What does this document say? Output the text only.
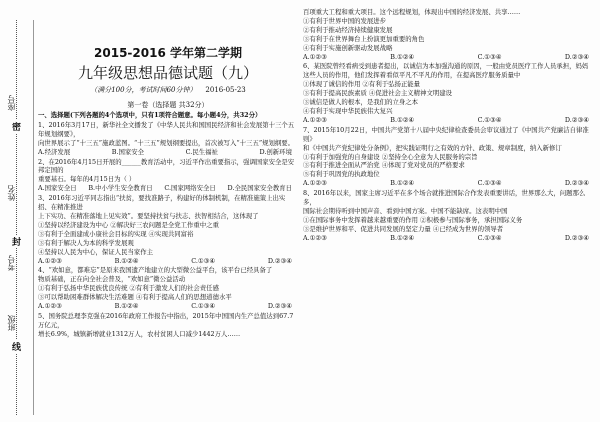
密
封
线
班级
考号
姓名
座号
2015-2016 学年第二学期
九年级思想品德试题（九）
（满分100分，考试时间60分钟） 2016-05-23
第一卷（选择题 共32分）
一、选择题(下列各题的4个选项中，只有1项符合题意。每小题4分，共32分）
1、2016年3月17日，新华社全文播发了《中华人民共和国国民经济和社会发展第十三个五年规划纲要》，
向世界展示了“十三五”施政蓝图。“十三五”规划纲要提出，首次被写入“十三五”规划纲要。
A.经济发展	B.国家安全	C.民生福祉	D.创新环境
2、在2016年4月15日开展的______教育活动中，习近平作出重要指示，强调国家安全是安邦定国的
重要基石。每年的4月15日为（ ）
A.国家安全日 B.中小学生安全教育日 C.国家网络安全日 D.全民国家安全教育日
3、2016年习近平同志指出“扶贫，要找准路子，构建好的体制机制，在精准施策上出实招、在精准推进
上下实功、在精准落地上见实效”。要坚持扶贫与扶志、扶智相结合，这体现了
①坚持以经济建设为中心 ②解决好三农问题是全党工作重中之重
③有利于全面建成小康社会目标的实现 ④实现共同富裕
③有利于解决人为本的科学发展观
④坚持以人民为中心，保证人民当家作主
A.①②③	B.①②④	C.①③④	D.②③④
4、“欢如意，都难忘”是原来我国遗产地建立的大型微公益平台，该平台已经具备了
物质基础，正在向全社会普及，“欢如意”微公益活动
①有利于弘扬中华民族优良传统 ②有利于激发人们的社会责任感
③可以帮助困难群体解决生活难题 ④有利于提高人们的思想道德水平
A.①②③	B.①②④	C.①③④	D.②③④
5、国务院总理李克强在2016年政府工作报告中指出，2015年中国国内生产总值达到67.7万亿元，
增长6.9%，城镇新增就业1312万人，农村贫困人口减少1442万人……
百项重大工程和重大项目。这个远程规划，体现出中国的经济发展、共享……
①有利于世界中国的发展进步
②有利于推动经济持续健康发展
③有利于在世界舞台上扮演更加重要的角色
④有利于实施创新驱动发展战略
A.①②③	B.①②④	C.①③④	D.②③④
6、某医院曾经看病受到患者提出，以诚信为本加强沟通的原因，一般由党员医疗工作人员承担，妈妈
这些人员的作用，他们发挥着看似平凡不平凡的作用，在提高医疗服务质量中
①体现了诚信的作用 ②有利于弘扬正能量
③有利于提高民族素质 ④促进社会主义精神文明建设
③诚信是做人的根本，是我们的立身之本
④有利于实现中华民族伟大复兴
A.①②③	B.①②④	C.①③④	D.②③④
7、2015年10月22日，中国共产党第十八届中央纪律检查委员会审议通过了《中国共产党廉洁自律准则》
和《中国共产党纪律处分条例》，把实践证明行之有效的方针、政策、规章制度，纳入新修订
①有利于加强党的自身建设 ②坚持全心全意为人民服务的宗旨
③有利于推进全面从严治党 ④体现了党对党员的严格要求
⑤有利于巩固党的执政地位
A.①②③	B.①②④	C.①③④	D.②③④
8、2016年以来，国家主席习近平在多个场合就推进国际合作发表重要讲话，世界那么大，问题那么多，
国际社会期待听到中国声音、看到中国方案。中国不能缺席。这表明中国
①在国际事务中发挥着越来越重要的作用 ②积极参与国际事务，承担国际义务
③是维护世界和平、促进共同发展的坚定力量 ④已经成为世界的领导者
A.①②③	B.①②④	C.①③④	D.②③④
